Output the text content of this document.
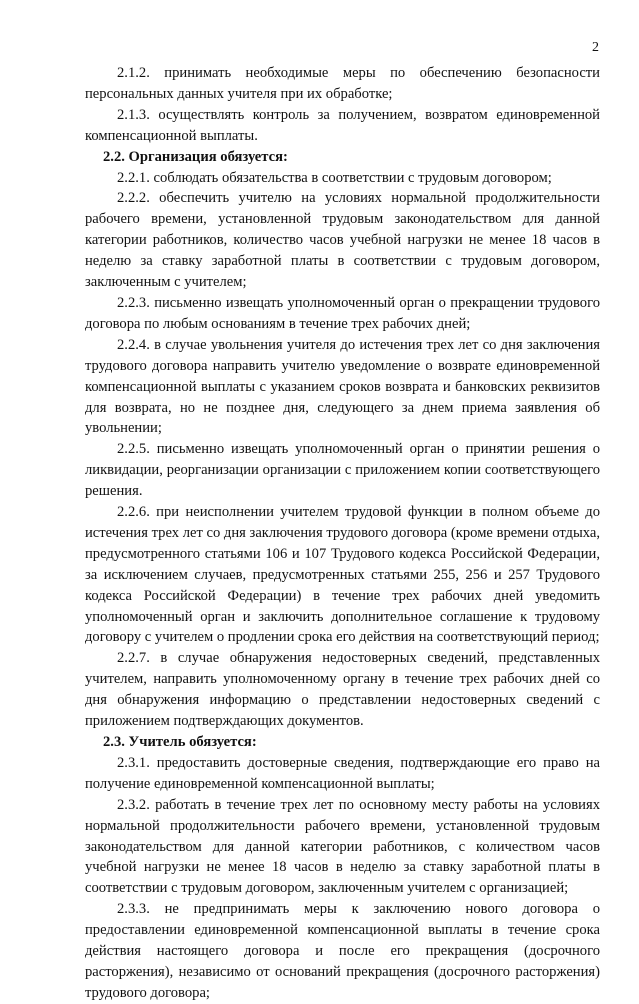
2

2.1.2. принимать необходимые меры по обеспечению безопасности персональных данных учителя при их обработке;

2.1.3. осуществлять контроль за получением, возвратом единовременной компенсационной выплаты.

2.2. Организация обязуется:

2.2.1. соблюдать обязательства в соответствии с трудовым договором;

2.2.2. обеспечить учителю на условиях нормальной продолжительности рабочего времени, установленной трудовым законодательством для данной категории работников, количество часов учебной нагрузки не менее 18 часов в неделю за ставку заработной платы в соответствии с трудовым договором, заключенным с учителем;

2.2.3. письменно извещать уполномоченный орган о прекращении трудового договора по любым основаниям в течение трех рабочих дней;

2.2.4. в случае увольнения учителя до истечения трех лет со дня заключения трудового договора направить учителю уведомление о возврате единовременной компенсационной выплаты с указанием сроков возврата и банковских реквизитов для возврата, но не позднее дня, следующего за днем приема заявления об увольнении;

2.2.5. письменно извещать уполномоченный орган о принятии решения о ликвидации, реорганизации организации с приложением копии соответствующего решения.

2.2.6. при неисполнении учителем трудовой функции в полном объеме до истечения трех лет со дня заключения трудового договора (кроме времени отдыха, предусмотренного статьями 106 и 107 Трудового кодекса Российской Федерации, за исключением случаев, предусмотренных статьями 255, 256 и 257 Трудового кодекса Российской Федерации) в течение трех рабочих дней уведомить уполномоченный орган и заключить дополнительное соглашение к трудовому договору с учителем о продлении срока его действия на соответствующий период;

2.2.7. в случае обнаружения недостоверных сведений, представленных учителем, направить уполномоченному органу в течение трех рабочих дней со дня обнаружения информацию о представлении недостоверных сведений с приложением подтверждающих документов.

2.3. Учитель обязуется:

2.3.1. предоставить достоверные сведения, подтверждающие его право на получение единовременной компенсационной выплаты;

2.3.2. работать в течение трех лет по основному месту работы на условиях нормальной продолжительности рабочего времени, установленной трудовым законодательством для данной категории работников, с количеством часов учебной нагрузки не менее 18 часов в неделю за ставку заработной платы в соответствии с трудовым договором, заключенным учителем с организацией;

2.3.3. не предпринимать меры к заключению нового договора о предоставлении единовременной компенсационной выплаты в течение срока действия настоящего договора и после его прекращения (досрочного расторжения), независимо от оснований прекращения (досрочного расторжения) трудового договора;
